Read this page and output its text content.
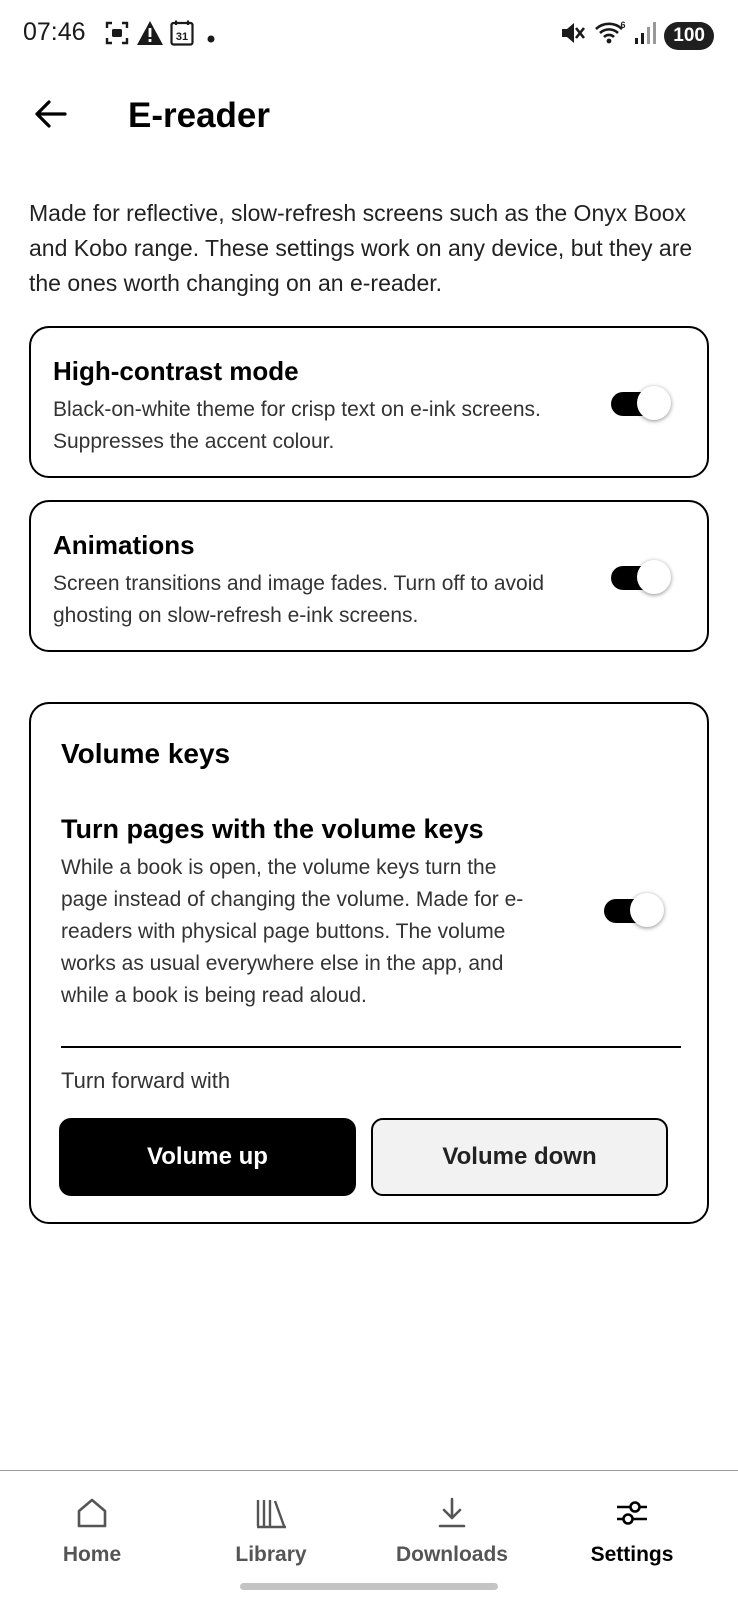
07:46	31
6	100
E-reader

Made for reflective, slow-refresh screens such as the Onyx Boox and Kobo range. These settings work on any device, but they are the ones worth changing on an e-reader.

High-contrast mode
Black-on-white theme for crisp text on e-ink screens. Suppresses the accent colour.
Animations
Screen transitions and image fades. Turn off to avoid ghosting on slow-refresh e-ink screens.
Volume keys
Turn pages with the volume keys
While a book is open, the volume keys turn the page instead of changing the volume. Made for e-readers with physical page buttons. The volume works as usual everywhere else in the app, and while a book is being read aloud.
Turn forward with
Volume up	Volume down
Home	Library	Downloads	Settings
